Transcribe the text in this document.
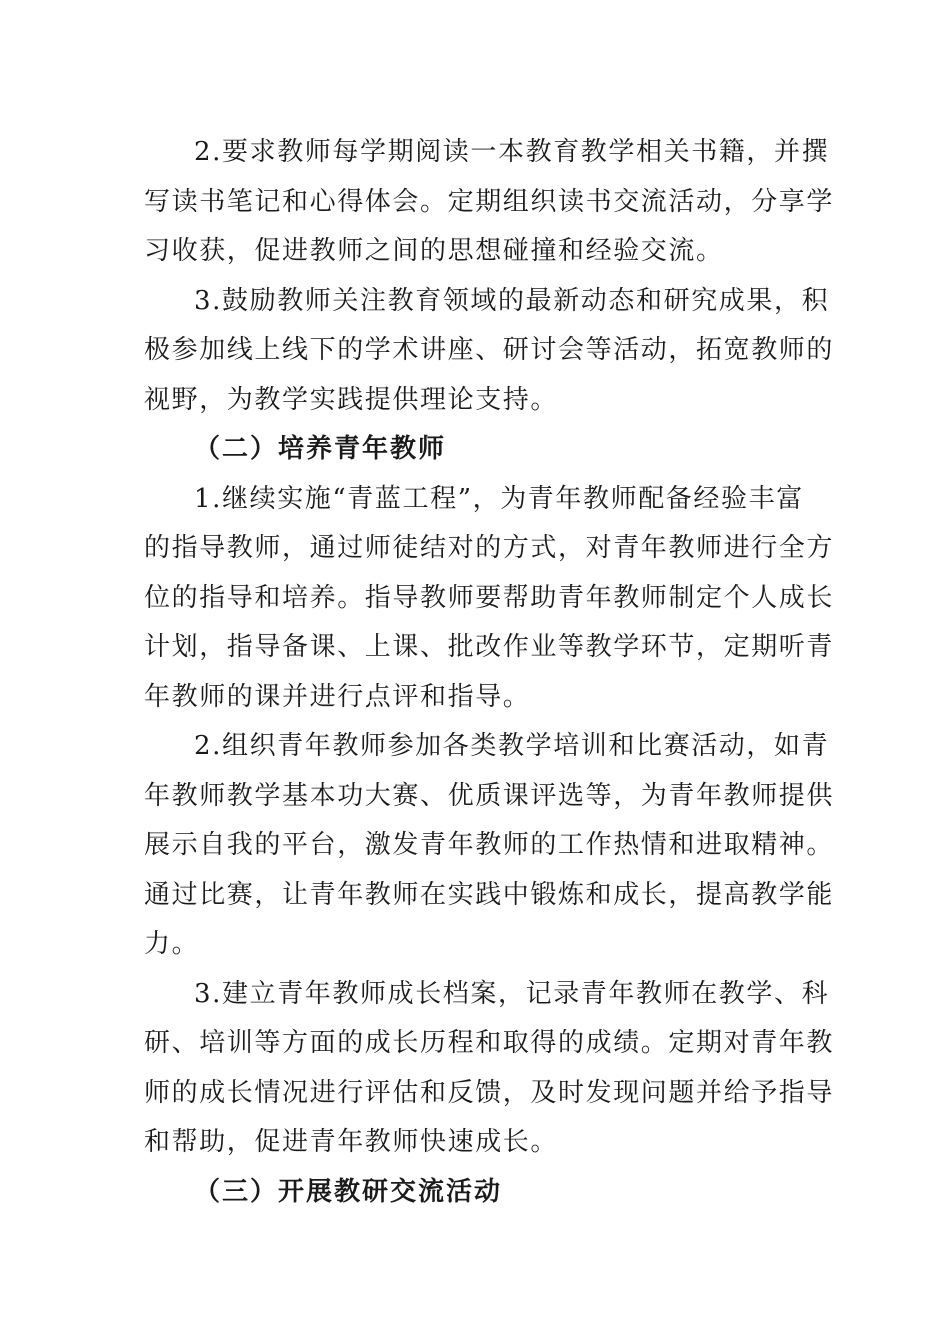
2.要求教师每学期阅读一本教育教学相关书籍，并撰
写读书笔记和心得体会。定期组织读书交流活动，分享学
习收获，促进教师之间的思想碰撞和经验交流。
3.鼓励教师关注教育领域的最新动态和研究成果，积
极参加线上线下的学术讲座、研讨会等活动，拓宽教师的
视野，为教学实践提供理论支持。
（二）培养青年教师
1.继续实施“青蓝工程”，为青年教师配备经验丰富
的指导教师，通过师徒结对的方式，对青年教师进行全方
位的指导和培养。指导教师要帮助青年教师制定个人成长
计划，指导备课、上课、批改作业等教学环节，定期听青
年教师的课并进行点评和指导。
2.组织青年教师参加各类教学培训和比赛活动，如青
年教师教学基本功大赛、优质课评选等，为青年教师提供
展示自我的平台，激发青年教师的工作热情和进取精神。
通过比赛，让青年教师在实践中锻炼和成长，提高教学能
力。
3.建立青年教师成长档案，记录青年教师在教学、科
研、培训等方面的成长历程和取得的成绩。定期对青年教
师的成长情况进行评估和反馈，及时发现问题并给予指导
和帮助，促进青年教师快速成长。
（三）开展教研交流活动
